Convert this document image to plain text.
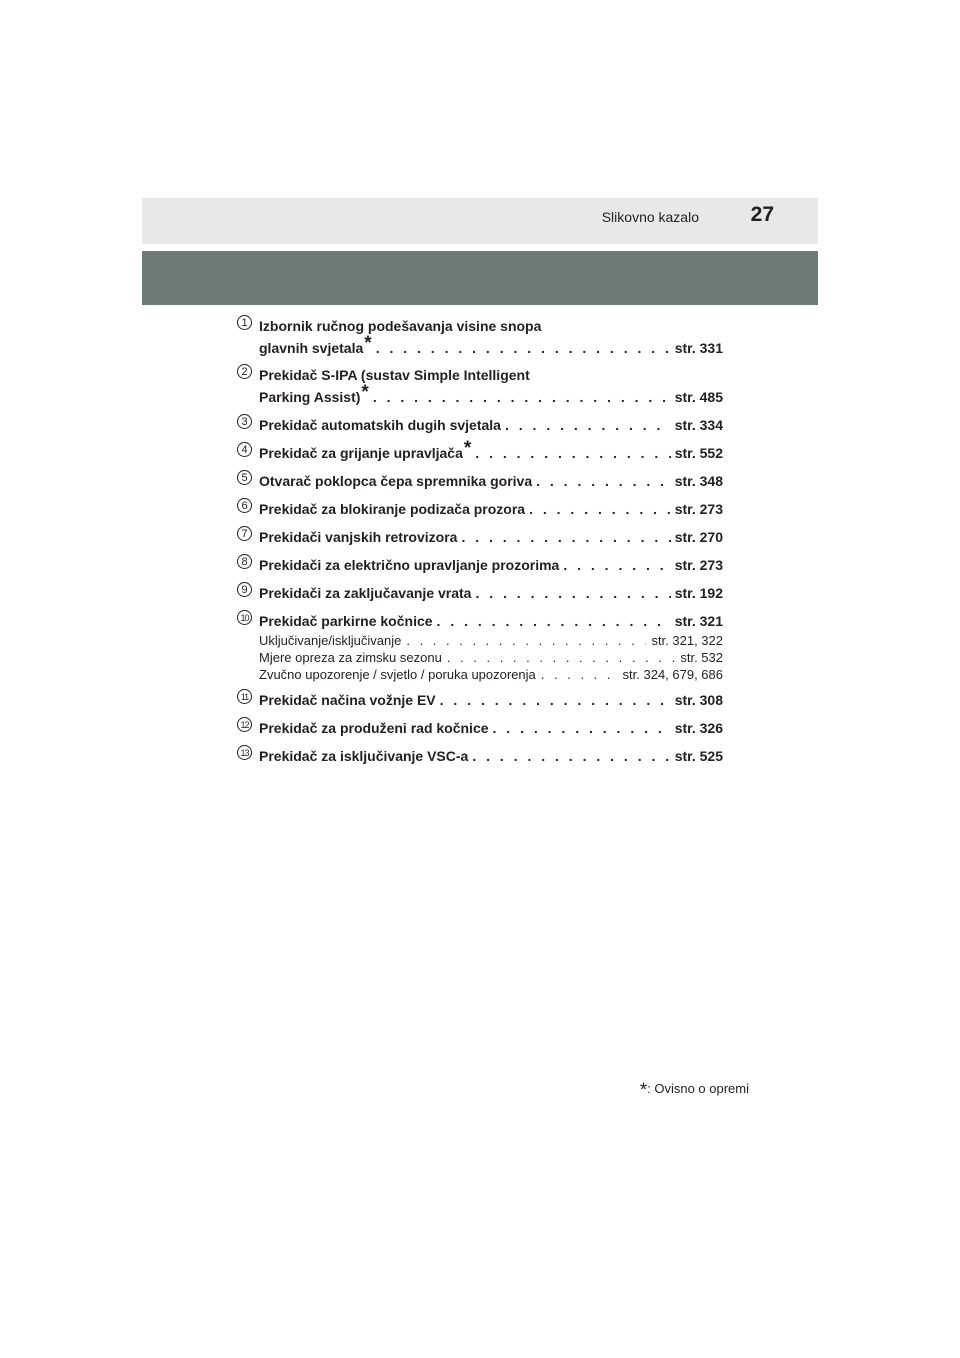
Slikovno kazalo 27
1 Izbornik ručnog podešavanja visine snopa
glavnih svjetala* . . .	str. 331
2 Prekidač S-IPA (sustav Simple Intelligent
Parking Assist)* . . .	str. 485
3 Prekidač automatskih dugih svjetala . . .	str. 334
4 Prekidač za grijanje upravljača* . . .	str. 552
5 Otvarač poklopca čepa spremnika goriva . . .	str. 348
6 Prekidač za blokiranje podizača prozora . . .	str. 273
7 Prekidači vanjskih retrovizora . . .	str. 270
8 Prekidači za električno upravljanje prozorima . . .	str. 273
9 Prekidači za zaključavanje vrata . . .	str. 192
10 Prekidač parkirne kočnice . . .	str. 321
Uključivanje/isključivanje . . .	str. 321, 322
Mjere opreza za zimsku sezonu . . .	str. 532
Zvučno upozorenje / svjetlo / poruka upozorenja . . .	str. 324, 679, 686
11 Prekidač načina vožnje EV . . .	str. 308
12 Prekidač za produženi rad kočnice . . .	str. 326
13 Prekidač za isključivanje VSC-a . . .	str. 525
*: Ovisno o opremi
